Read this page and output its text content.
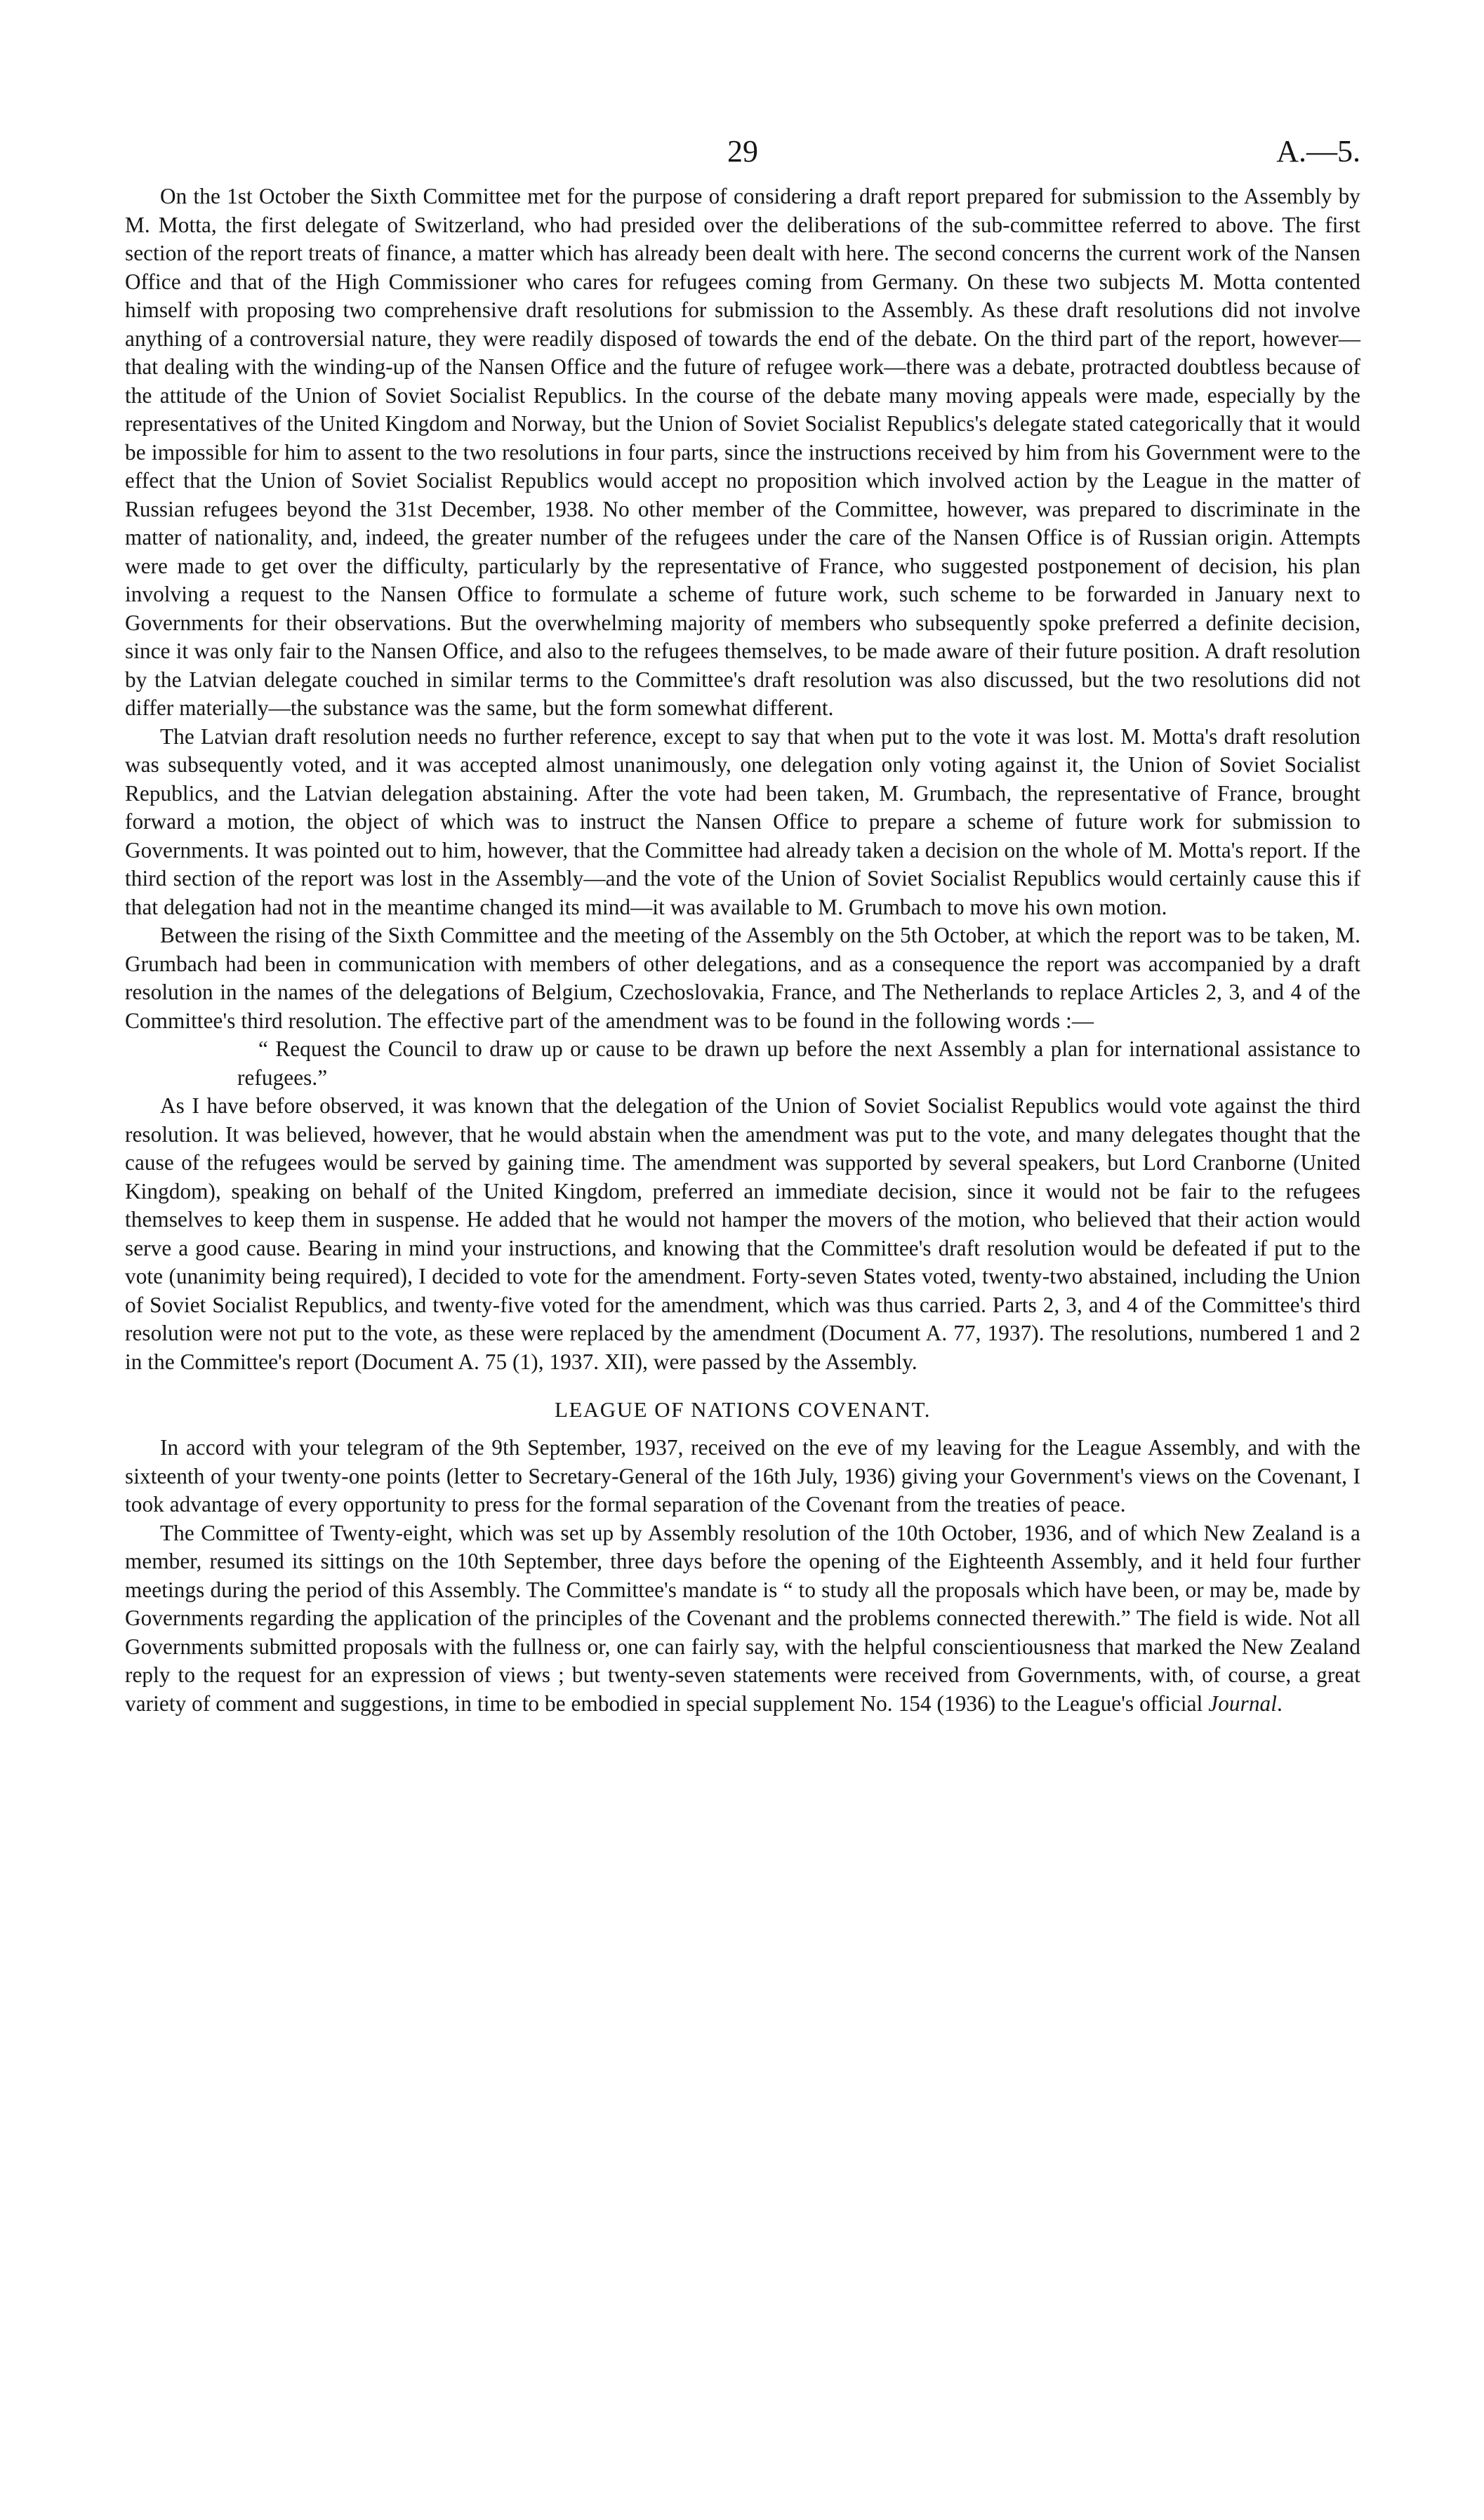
29	A.—5.

On the 1st October the Sixth Committee met for the purpose of considering a draft report prepared for submission to the Assembly by M. Motta, the first delegate of Switzerland, who had presided over the deliberations of the sub-committee referred to above. The first section of the report treats of finance, a matter which has already been dealt with here. The second concerns the current work of the Nansen Office and that of the High Commissioner who cares for refugees coming from Germany. On these two subjects M. Motta contented himself with proposing two comprehensive draft resolutions for submission to the Assembly. As these draft resolutions did not involve anything of a controversial nature, they were readily disposed of towards the end of the debate. On the third part of the report, however— that dealing with the winding-up of the Nansen Office and the future of refugee work—there was a debate, protracted doubtless because of the attitude of the Union of Soviet Socialist Republics. In the course of the debate many moving appeals were made, especially by the representatives of the United Kingdom and Norway, but the Union of Soviet Socialist Republics's delegate stated categorically that it would be impossible for him to assent to the two resolutions in four parts, since the instructions received by him from his Government were to the effect that the Union of Soviet Socialist Republics would accept no proposition which involved action by the League in the matter of Russian refugees beyond the 31st December, 1938. No other member of the Committee, however, was prepared to discriminate in the matter of nationality, and, indeed, the greater number of the refugees under the care of the Nansen Office is of Russian origin. Attempts were made to get over the difficulty, particularly by the representative of France, who suggested postponement of decision, his plan involving a request to the Nansen Office to formulate a scheme of future work, such scheme to be forwarded in January next to Governments for their observations. But the overwhelming majority of members who subsequently spoke preferred a definite decision, since it was only fair to the Nansen Office, and also to the refugees themselves, to be made aware of their future position. A draft resolution by the Latvian delegate couched in similar terms to the Committee's draft resolution was also discussed, but the two resolutions did not differ materially—the substance was the same, but the form somewhat different.

The Latvian draft resolution needs no further reference, except to say that when put to the vote it was lost. M. Motta's draft resolution was subsequently voted, and it was accepted almost unanimously, one delegation only voting against it, the Union of Soviet Socialist Republics, and the Latvian delegation abstaining. After the vote had been taken, M. Grumbach, the representative of France, brought forward a motion, the object of which was to instruct the Nansen Office to prepare a scheme of future work for submission to Governments. It was pointed out to him, however, that the Committee had already taken a decision on the whole of M. Motta's report. If the third section of the report was lost in the Assembly—and the vote of the Union of Soviet Socialist Republics would certainly cause this if that delegation had not in the meantime changed its mind—it was available to M. Grumbach to move his own motion.

Between the rising of the Sixth Committee and the meeting of the Assembly on the 5th October, at which the report was to be taken, M. Grumbach had been in communication with members of other delegations, and as a consequence the report was accompanied by a draft resolution in the names of the delegations of Belgium, Czechoslovakia, France, and The Netherlands to replace Articles 2, 3, and 4 of the Committee's third resolution. The effective part of the amendment was to be found in the following words :—

“ Request the Council to draw up or cause to be drawn up before the next Assembly a plan for international assistance to refugees.”

As I have before observed, it was known that the delegation of the Union of Soviet Socialist Republics would vote against the third resolution. It was believed, however, that he would abstain when the amendment was put to the vote, and many delegates thought that the cause of the refugees would be served by gaining time. The amendment was supported by several speakers, but Lord Cranborne (United Kingdom), speaking on behalf of the United Kingdom, preferred an immediate decision, since it would not be fair to the refugees themselves to keep them in suspense. He added that he would not hamper the movers of the motion, who believed that their action would serve a good cause. Bearing in mind your instructions, and knowing that the Committee's draft resolution would be defeated if put to the vote (unanimity being required), I decided to vote for the amendment. Forty-seven States voted, twenty-two abstained, including the Union of Soviet Socialist Republics, and twenty-five voted for the amendment, which was thus carried. Parts 2, 3, and 4 of the Committee's third resolution were not put to the vote, as these were replaced by the amendment (Document A. 77, 1937). The resolutions, numbered 1 and 2 in the Committee's report (Document A. 75 (1), 1937. XII), were passed by the Assembly.

LEAGUE OF NATIONS COVENANT.

In accord with your telegram of the 9th September, 1937, received on the eve of my leaving for the League Assembly, and with the sixteenth of your twenty-one points (letter to Secretary-General of the 16th July, 1936) giving your Government's views on the Covenant, I took advantage of every opportunity to press for the formal separation of the Covenant from the treaties of peace.

The Committee of Twenty-eight, which was set up by Assembly resolution of the 10th October, 1936, and of which New Zealand is a member, resumed its sittings on the 10th September, three days before the opening of the Eighteenth Assembly, and it held four further meetings during the period of this Assembly. The Committee's mandate is “ to study all the proposals which have been, or may be, made by Governments regarding the application of the principles of the Covenant and the problems connected therewith.” The field is wide. Not all Governments submitted proposals with the fullness or, one can fairly say, with the helpful conscientiousness that marked the New Zealand reply to the request for an expression of views ; but twenty-seven statements were received from Governments, with, of course, a great variety of comment and suggestions, in time to be embodied in special supplement No. 154 (1936) to the League's official Journal.
